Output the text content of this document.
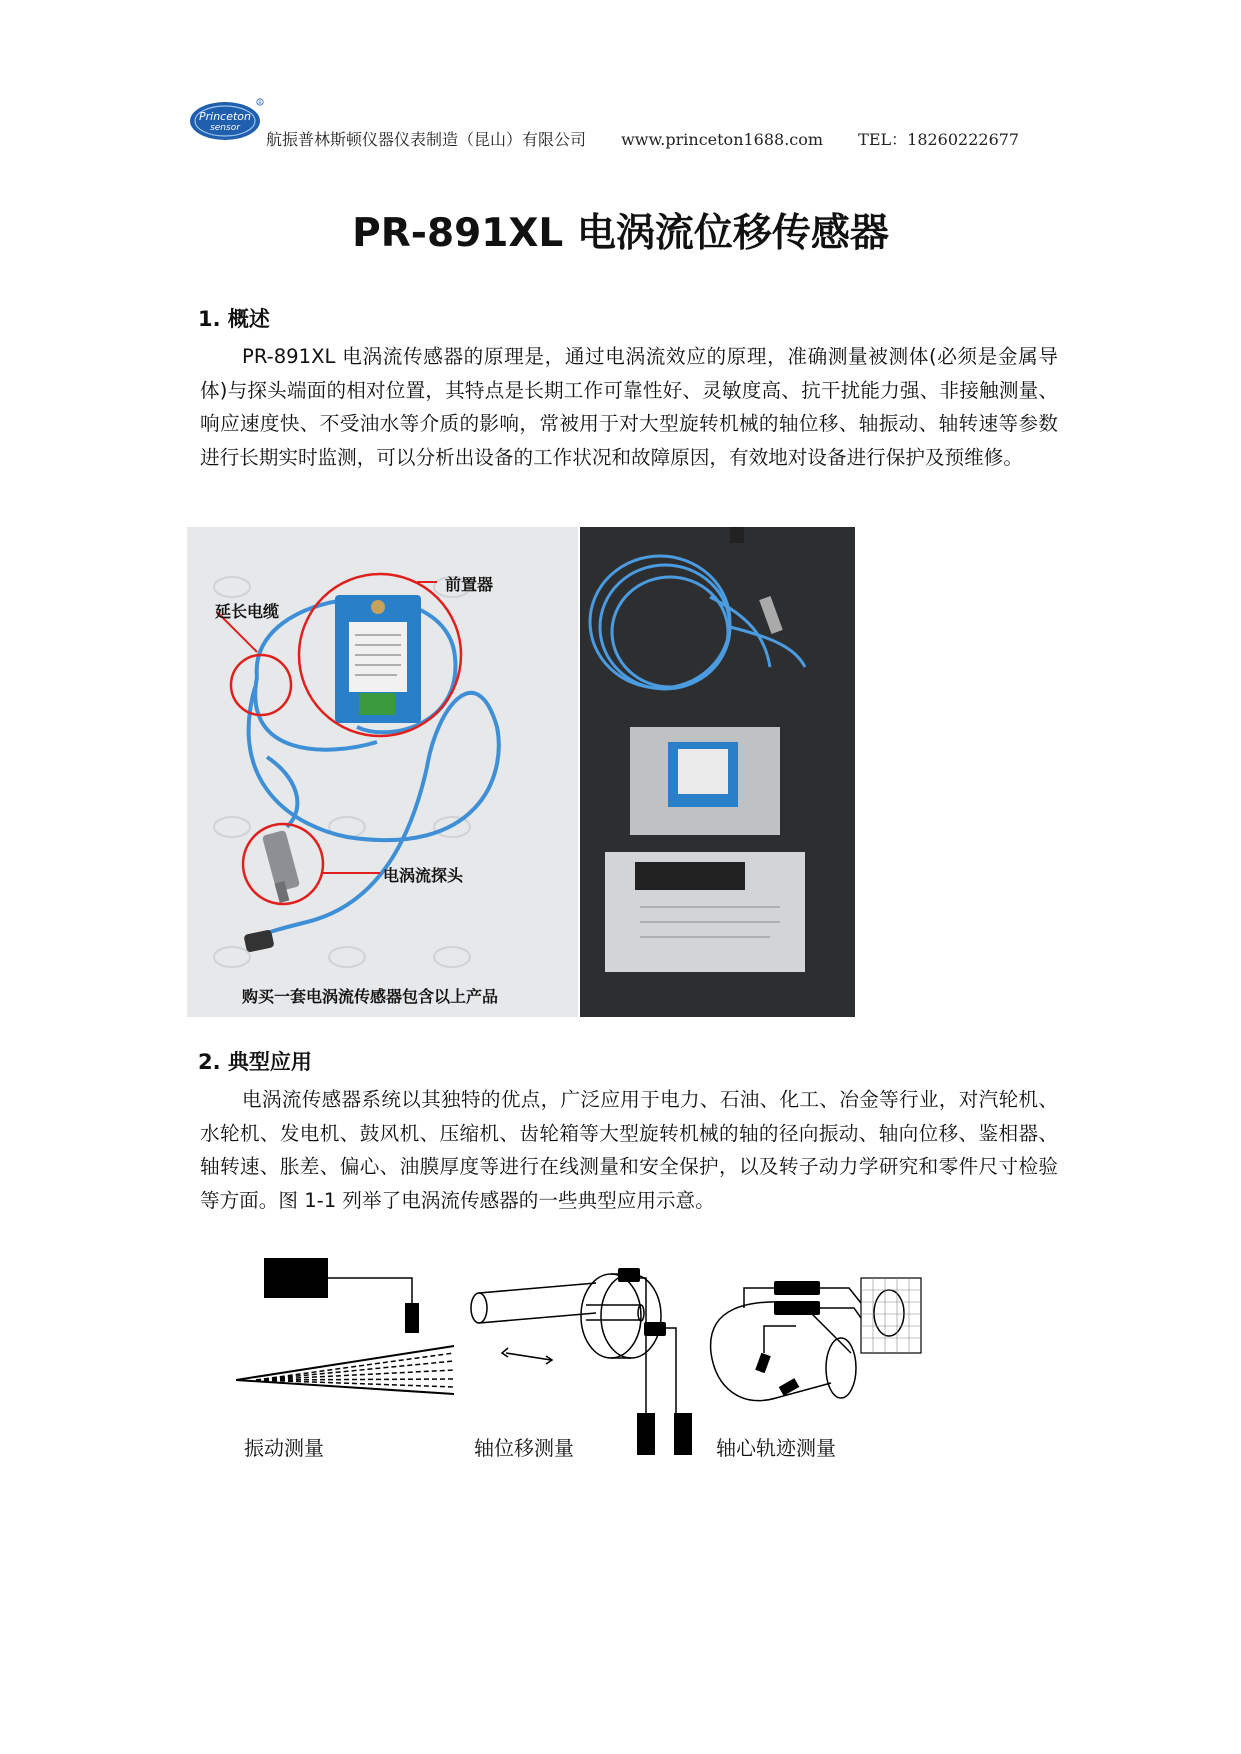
Princeton
sensor
R
航振普林斯顿仪器仪表制造（昆山）有限公司 www.princeton1688.com TEL：18260222677
PR-891XL 电涡流位移传感器
1. 概述
PR-891XL 电涡流传感器的原理是，通过电涡流效应的原理，准确测量被测体(必须是金属导体)与探头端面的相对位置，其特点是长期工作可靠性好、灵敏度高、抗干扰能力强、非接触测量、响应速度快、不受油水等介质的影响，常被用于对大型旋转机械的轴位移、轴振动、轴转速等参数进行长期实时监测，可以分析出设备的工作状况和故障原因，有效地对设备进行保护及预维修。
前置器
延长电缆
电涡流探头
购买一套电涡流传感器包含以上产品
2. 典型应用
电涡流传感器系统以其独特的优点，广泛应用于电力、石油、化工、冶金等行业，对汽轮机、水轮机、发电机、鼓风机、压缩机、齿轮箱等大型旋转机械的轴的径向振动、轴向位移、鉴相器、轴转速、胀差、偏心、油膜厚度等进行在线测量和安全保护，以及转子动力学研究和零件尺寸检验等方面。图 1-1 列举了电涡流传感器的一些典型应用示意。
振动测量	轴位移测量	轴心轨迹测量
